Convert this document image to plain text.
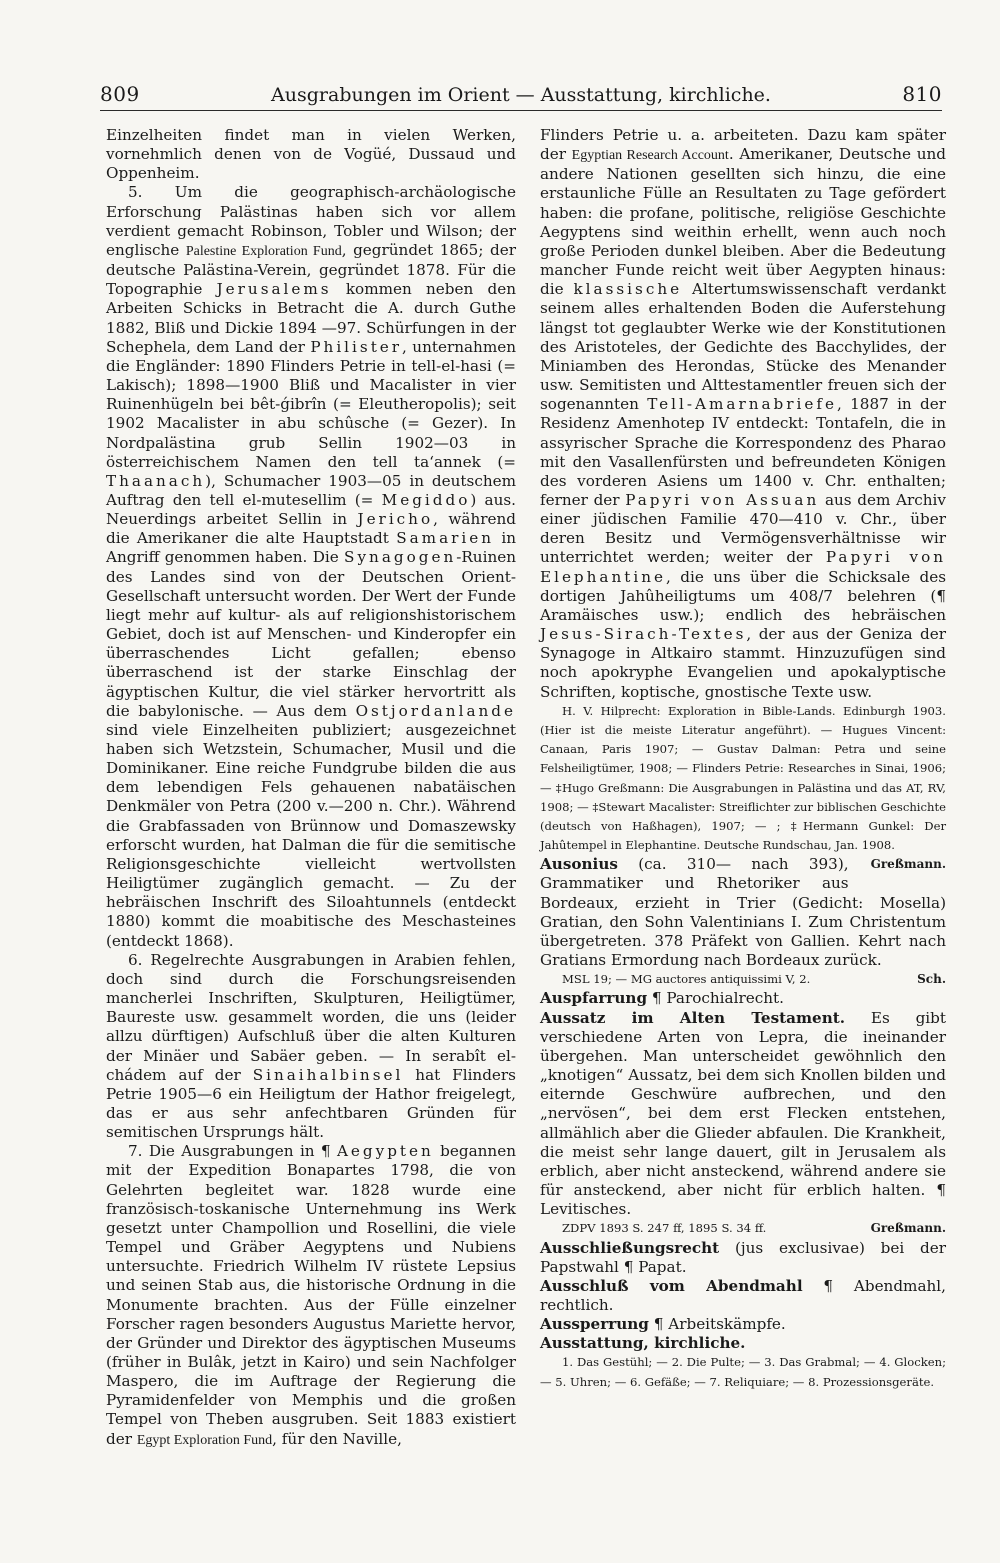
809	Ausgrabungen im Orient — Ausstattung, kirchliche.	810

Einzelheiten findet man in vielen Werken, vornehmlich denen von de Vogüé, Dussaud und Oppenheim.

5. Um die geographisch-archäologische Erforschung Palästinas haben sich vor allem verdient gemacht Robinson, Tobler und Wilson; der englische Palestine Exploration Fund, gegründet 1865; der deutsche Palästina-Verein, gegründet 1878. Für die Topographie Jerusalems kommen neben den Arbeiten Schicks in Betracht die A. durch Guthe 1882, Bliß und Dickie 1894 —97. Schürfungen in der Schephela, dem Land der Philister, unternahmen die Engländer: 1890 Flinders Petrie in tell-el-hasi (= Lakisch); 1898—1900 Bliß und Macalister in vier Ruinenhügeln bei bêt-ǵibrîn (= Eleutheropolis); seit 1902 Macalister in abu schûsche (= Gezer). In Nordpalästina grub Sellin 1902—03 in österreichischem Namen den tell ta‘annek (= Thaanach), Schumacher 1903—05 in deutschem Auftrag den tell el-mutesellim (= Megiddo) aus. Neuerdings arbeitet Sellin in Jericho, während die Amerikaner die alte Hauptstadt Samarien in Angriff genommen haben. Die Synagogen-Ruinen des Landes sind von der Deutschen Orient-Gesellschaft untersucht worden. Der Wert der Funde liegt mehr auf kultur- als auf religionshistorischem Gebiet, doch ist auf Menschen- und Kinderopfer ein überraschendes Licht gefallen; ebenso überraschend ist der starke Einschlag der ägyptischen Kultur, die viel stärker hervortritt als die babylonische. — Aus dem Ostjordanlande sind viele Einzelheiten publiziert; ausgezeichnet haben sich Wetzstein, Schumacher, Musil und die Dominikaner. Eine reiche Fundgrube bilden die aus dem lebendigen Fels gehauenen nabatäischen Denkmäler von Petra (200 v.—200 n. Chr.). Während die Grabfassaden von Brünnow und Domaszewsky erforscht wurden, hat Dalman die für die semitische Religionsgeschichte vielleicht wertvollsten Heiligtümer zugänglich gemacht. — Zu der hebräischen Inschrift des Siloahtunnels (entdeckt 1880) kommt die moabitische des Meschasteines (entdeckt 1868).

6. Regelrechte Ausgrabungen in Arabien fehlen, doch sind durch die Forschungsreisenden mancherlei Inschriften, Skulpturen, Heiligtümer, Baureste usw. gesammelt worden, die uns (leider allzu dürftigen) Aufschluß über die alten Kulturen der Minäer und Sabäer geben. — In serabît el-chádem auf der Sinaihalbinsel hat Flinders Petrie 1905—6 ein Heiligtum der Hathor freigelegt, das er aus sehr anfechtbaren Gründen für semitischen Ursprungs hält.

7. Die Ausgrabungen in ¶ Aegypten begannen mit der Expedition Bonapartes 1798, die von Gelehrten begleitet war. 1828 wurde eine französisch-toskanische Unternehmung ins Werk gesetzt unter Champollion und Rosellini, die viele Tempel und Gräber Aegyptens und Nubiens untersuchte. Friedrich Wilhelm IV rüstete Lepsius und seinen Stab aus, die historische Ordnung in die Monumente brachten. Aus der Fülle einzelner Forscher ragen besonders Augustus Mariette hervor, der Gründer und Direktor des ägyptischen Museums (früher in Bulâk, jetzt in Kairo) und sein Nachfolger Maspero, die im Auftrage der Regierung die Pyramidenfelder von Memphis und die großen Tempel von Theben ausgruben. Seit 1883 existiert der Egypt Exploration Fund, für den Naville,

Flinders Petrie u. a. arbeiteten. Dazu kam später der Egyptian Research Account. Amerikaner, Deutsche und andere Nationen gesellten sich hinzu, die eine erstaunliche Fülle an Resultaten zu Tage gefördert haben: die profane, politische, religiöse Geschichte Aegyptens sind weithin erhellt, wenn auch noch große Perioden dunkel bleiben. Aber die Bedeutung mancher Funde reicht weit über Aegypten hinaus: die klassische Altertumswissenschaft verdankt seinem alles erhaltenden Boden die Auferstehung längst tot geglaubter Werke wie der Konstitutionen des Aristoteles, der Gedichte des Bacchylides, der Miniamben des Herondas, Stücke des Menander usw. Semitisten und Alttestamentler freuen sich der sogenannten Tell-Amarnabriefe, 1887 in der Residenz Amenhotep IV entdeckt: Tontafeln, die in assyrischer Sprache die Korrespondenz des Pharao mit den Vasallenfürsten und befreundeten Königen des vorderen Asiens um 1400 v. Chr. enthalten; ferner der Papyri von Assuan aus dem Archiv einer jüdischen Familie 470—410 v. Chr., über deren Besitz und Vermögensverhältnisse wir unterrichtet werden; weiter der Papyri von Elephantine, die uns über die Schicksale des dortigen Jahûheiligtums um 408/7 belehren (¶ Aramäisches usw.); endlich des hebräischen Jesus-Sirach-Textes, der aus der Geniza der Synagoge in Altkairo stammt. Hinzuzufügen sind noch apokryphe Evangelien und apokalyptische Schriften, koptische, gnostische Texte usw.

H. V. Hilprecht: Exploration in Bible-Lands. Edinburgh 1903. (Hier ist die meiste Literatur angeführt). — Hugues Vincent: Canaan, Paris 1907; — Gustav Dalman: Petra und seine Felsheiligtümer, 1908; — Flinders Petrie: Researches in Sinai, 1906; — ‡Hugo Greßmann: Die Ausgrabungen in Palästina und das AT, RV, 1908; — ‡Stewart Macalister: Streiflichter zur biblischen Geschichte (deutsch von Haßhagen), 1907; — ; ‡Hermann Gunkel: Der Jahûtempel in Elephantine. Deutsche Rundschau, Jan. 1908.
Greßmann.

Ausonius (ca. 310— nach 393), Grammatiker und Rhetoriker aus Bordeaux, erzieht in Trier (Gedicht: Mosella) Gratian, den Sohn Valentinians I. Zum Christentum übergetreten. 378 Präfekt von Gallien. Kehrt nach Gratians Ermordung nach Bordeaux zurück.

MSL 19; — MG auctores antiquissimi V, 2.	Sch.

Auspfarrung ¶ Parochialrecht.

Aussatz im Alten Testament. Es gibt verschiedene Arten von Lepra, die ineinander übergehen. Man unterscheidet gewöhnlich den „knotigen“ Aussatz, bei dem sich Knollen bilden und eiternde Geschwüre aufbrechen, und den „nervösen“, bei dem erst Flecken entstehen, allmählich aber die Glieder abfaulen. Die Krankheit, die meist sehr lange dauert, gilt in Jerusalem als erblich, aber nicht ansteckend, während andere sie für ansteckend, aber nicht für erblich halten. ¶ Levitisches.

ZDPV 1893 S. 247 ff, 1895 S. 34 ff.	Greßmann.

Ausschließungsrecht (jus exclusivae) bei der Papstwahl ¶ Papat.

Ausschluß vom Abendmahl ¶ Abendmahl, rechtlich.

Aussperrung ¶ Arbeitskämpfe.

Ausstattung, kirchliche.

1. Das Gestühl; — 2. Die Pulte; — 3. Das Grabmal; — 4. Glocken; — 5. Uhren; — 6. Gefäße; — 7. Reliquiare; — 8. Prozessionsgeräte.
